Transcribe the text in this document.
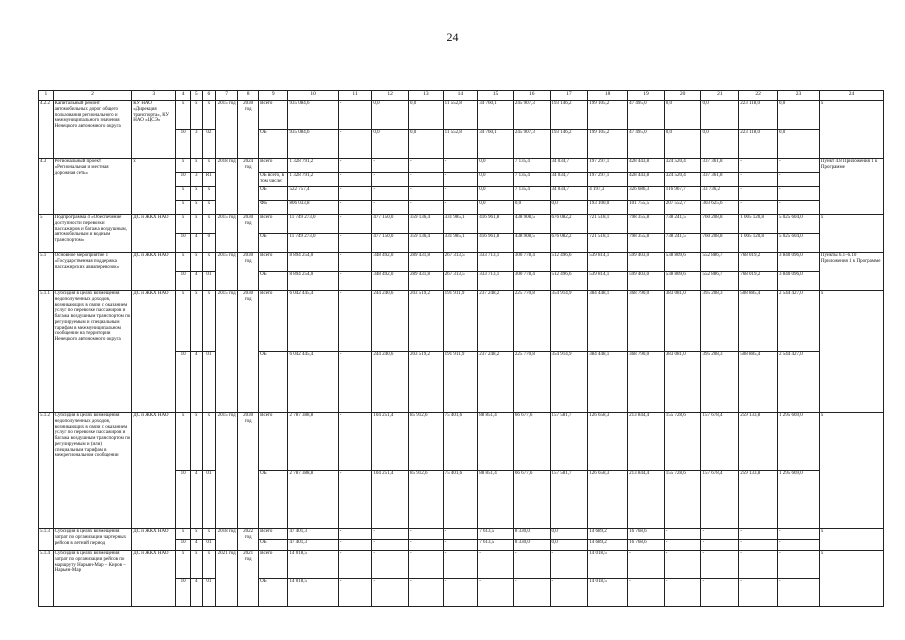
24
1	2	3	4	5	6	7	8	9	10	11	12	13	14	15	16	17	18	19	20	21	22	23	24
4.2.2	Капитальный ремонт автомобильных дорог общего пользования регионального и межмуниципального значения Ненецкого автономного округа	КУ НАО «Дирекция транспорта», КУ НАО «ЦСЭ»	х	х	х	2015 год	2030 год	Всего	935 084,6	-	0,0	0,0	11 552,8	34 760,1	245 907,3	193 146,2	199 105,2	47 495,0	0,0	0,0	223 118,0	0,0	х
			10	3	02			ОБ	935 084,6	-	0,0	0,0	11 552,8	34 760,1	245 907,3	193 146,2	199 105,2	47 495,0	0,0	0,0	223 118,0	0,0	
4.3	Региональный проект «Региональная и местная дорожная сеть»	х	х	х	х	2018 год	2024 год	Всего	1 328 791,2	-	-	-	-	0,0	7 135,4	34 034,7	197 297,1	428 443,8	324 520,4	337 361,8	-	-	Пункт 4.8 Приложения 1 к Программе
			10	3	R1			ОБ всего, в том числе:	1 328 791,2	-	-	-	-	0,0	7 135,4	34 034,7	197 297,1	428 443,8	324 520,4	337 361,8	-	-	
			х	х	х			ОБ	522 757,4	-	-	-	-	0,0	7 135,4	34 034,7	4 197,3	326 686,3	116 967,7	33 736,2	-	-	
			х	х	х			ФБ	806 033,8	-	-	-	-	0,0	0,0	0,0	193 100,0	101 755,5	207 552,7	303 625,6	-	-	
5	Подпрограмма 4 «Обеспечение доступности перевозки пассажиров и багажа воздушным, автомобильным и водным транспортом»	ДС и ЖКХ НАО	х	х	х	2015 год	2030 год	Всего	11 749 273,0	-	477 150,0	359 136,4	331 985,1	416 961,8	438 908,5	676 082,2	721 518,1	798 355,8	738 241,5	760 208,8	1 005 120,8	5 025 604,0	х
			10	4	0			ОБ	11 749 273,0	-	477 150,0	359 136,4	331 985,1	416 961,8	438 908,5	676 082,2	721 518,1	798 355,8	738 241,5	760 208,8	1 005 120,8	5 025 604,0	
5.1	Основное мероприятие 1 «Государственная поддержка пассажирских авиаперевозок»	ДС и ЖКХ НАО	х	х	х	2015 год	2030 год	Всего	8 894 254,0	-	348 492,0	289 431,8	267 313,5	333 713,1	300 778,4	512 496,6	539 814,1	599 403,0	538 809,6	552 886,7	768 019,2	3 840 096,0	Пункты 6.1–6.10 Приложения 1 к Программе
			10	4	01			ОБ	8 894 254,0	-	348 492,0	289 431,8	267 313,5	333 713,1	300 778,4	512 496,6	539 814,1	599 403,0	538 809,6	552 886,7	768 019,2	3 840 096,0	
5.1.1	Субсидия в целях возмещения недополученных доходов, возникающих в связи с оказанием услуг по перевозке пассажиров и багажа воздушным транспортом по регулируемым и специальным тарифам в межмуниципальном сообщении на территории Ненецкого автономного округа	ДС и ЖКХ НАО	х	х	х	2015 год	2030 год	Всего	6 042 445,4	-	244 240,6	203 519,2	191 911,9	237 248,2	225 770,8	354 914,9	384 448,1	368 790,0	383 081,0	395 208,3	508 885,4	2 544 427,0	х
			10	4	01			ОБ	6 042 445,4	-	244 240,6	203 519,2	191 911,9	237 248,2	225 770,8	354 914,9	384 448,1	368 790,0	383 081,0	395 208,3	508 885,4	2 544 427,0	
5.1.2	Субсидия в целях возмещения недополученных доходов, возникающих в связи с оказанием услуг по перевозке пассажиров и багажа воздушным транспортом по регулируемым и (или) специальным тарифам в межрегиональном сообщении	ДС и ЖКХ НАО	х	х	х	2015 год	2030 год	Всего	2 787 388,8	-	104 251,4	85 912,6	75 401,6	88 851,4	66 677,6	157 581,7	126 658,3	213 844,4	155 728,6	157 678,4	259 133,8	1 295 669,0	х
			10	4	01			ОБ	2 787 388,8	-	104 251,4	85 912,6	75 401,6	88 851,4	66 677,6	157 581,7	126 658,3	213 844,4	155 728,6	157 678,4	259 133,8	1 295 669,0	
5.1.3	Субсидия в целях возмещения затрат по организации чартерных рейсов в летний период	ДС и ЖКХ НАО	х	х	х	2018 год	2022 год	Всего	47 401,3	-	-	-	-	7 613,5	8 330,0	0,0	14 689,2	16 768,6	-	-	-	-	х
			10	4	01			ОБ	47 401,3	-	-	-	-	7 613,5	8 330,0	0,0	14 689,2	16 768,6	-	-	-	-	
5.1.4	Субсидия в целях возмещения затрат по организации рейсов по маршруту Нарьян-Мар – Киров – Нарьян-Мар	ДС и ЖКХ НАО	х	х	х	2021 год	2021 год	Всего	14 018,5	-	-	-	-	-	-	-	14 018,5	-	-	-	-	-	х
			10	4	01			ОБ	14 018,5	-	-	-	-	-	-	-	14 018,5	-	-	-	-	-	
